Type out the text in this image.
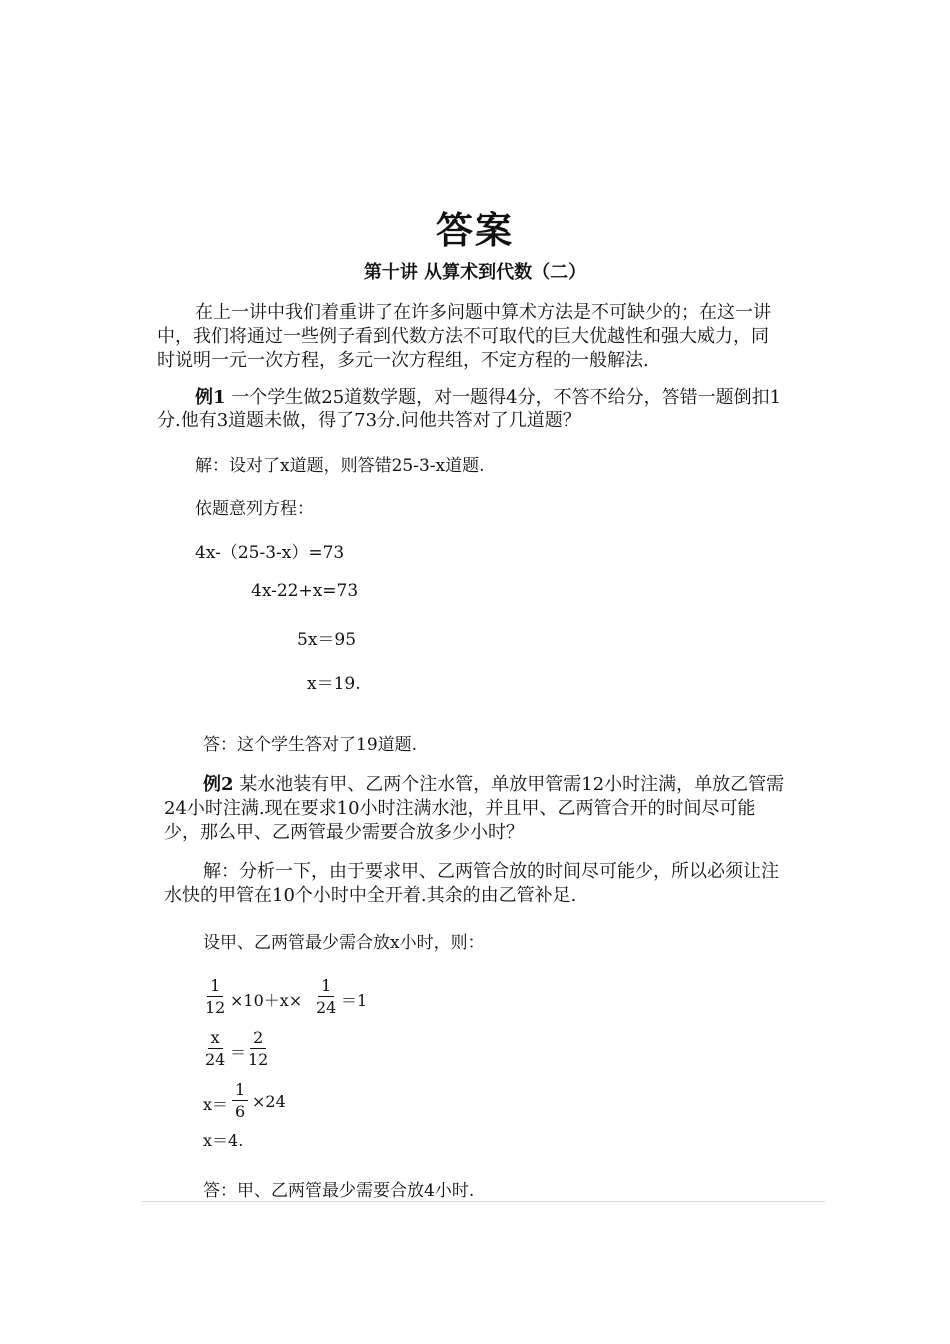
答案
第十讲 从算术到代数（二）
在上一讲中我们着重讲了在许多问题中算术方法是不可缺少的；在这一讲
中，我们将通过一些例子看到代数方法不可取代的巨大优越性和强大威力，同
时说明一元一次方程，多元一次方程组，不定方程的一般解法.
例1 一个学生做25道数学题，对一题得4分，不答不给分，答错一题倒扣1
分.他有3道题未做，得了73分.问他共答对了几道题？
解：设对了x道题，则答错25-3-x道题.
依题意列方程：
4x-（25-3-x）=73
4x-22+x=73
5x＝95
x＝19.
答：这个学生答对了19道题.
例2 某水池装有甲、乙两个注水管，单放甲管需12小时注满，单放乙管需
24小时注满.现在要求10小时注满水池，并且甲、乙两管合开的时间尽可能
少，那么甲、乙两管最少需要合放多少小时？
解：分析一下，由于要求甲、乙两管合放的时间尽可能少，所以必须让注
水快的甲管在10个小时中全开着.其余的由乙管补足.
设甲、乙两管最少需合放x小时，则：
$\frac{1}{12} \times 10+x\times \frac{1}{24} =1$
$\frac{x}{24}$ ＝
$\frac{2}{12}$
$x= \frac{1}{6} \times 24$
x＝4.
答：甲、乙两管最少需要合放4小时.
